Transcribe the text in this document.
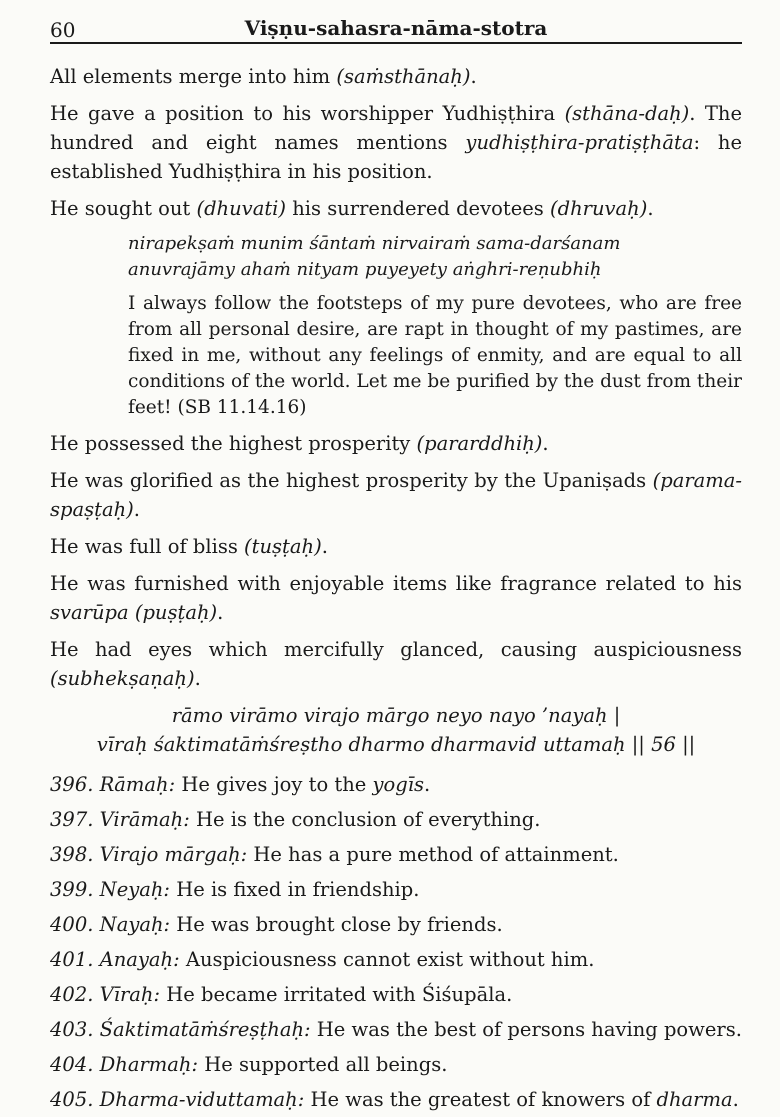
60	Viṣṇu-sahasra-nāma-stotra

All elements merge into him (saṁsthānaḥ).

He gave a position to his worshipper Yudhiṣṭhira (sthāna-daḥ). The hundred and eight names mentions yudhiṣṭhira-pratiṣṭhāta: he established Yudhiṣṭhira in his position.

He sought out (dhuvati) his surrendered devotees (dhruvaḥ).

nirapekṣaṁ munim śāntaṁ nirvairaṁ sama-darśanam
anuvrajāmy ahaṁ nityam puyeyety aṅghri-reṇubhiḥ
I always follow the footsteps of my pure devotees, who are free from all personal desire, are rapt in thought of my pastimes, are fixed in me, without any feelings of enmity, and are equal to all conditions of the world. Let me be purified by the dust from their feet! (SB 11.14.16)

He possessed the highest prosperity (pararddhiḥ).

He was glorified as the highest prosperity by the Upaniṣads (parama-spaṣṭaḥ).

He was full of bliss (tuṣṭaḥ).

He was furnished with enjoyable items like fragrance related to his svarūpa (puṣṭaḥ).

He had eyes which mercifully glanced, causing auspiciousness (subhekṣaṇaḥ).

rāmo virāmo virajo mārgo neyo nayo ’nayaḥ |
vīraḥ śaktimatāṁśreṣtho dharmo dharmavid uttamaḥ || 56 ||
396. Rāmaḥ: He gives joy to the yogīs.
397. Virāmaḥ: He is the conclusion of everything.
398. Virajo mārgaḥ: He has a pure method of attainment.
399. Neyaḥ: He is fixed in friendship.
400. Nayaḥ: He was brought close by friends.
401. Anayaḥ: Auspiciousness cannot exist without him.
402. Vīraḥ: He became irritated with Śiśupāla.
403. Śaktimatāṁśreṣṭhaḥ: He was the best of persons having powers.
404. Dharmaḥ: He supported all beings.
405. Dharma-viduttamaḥ: He was the greatest of knowers of dharma.
